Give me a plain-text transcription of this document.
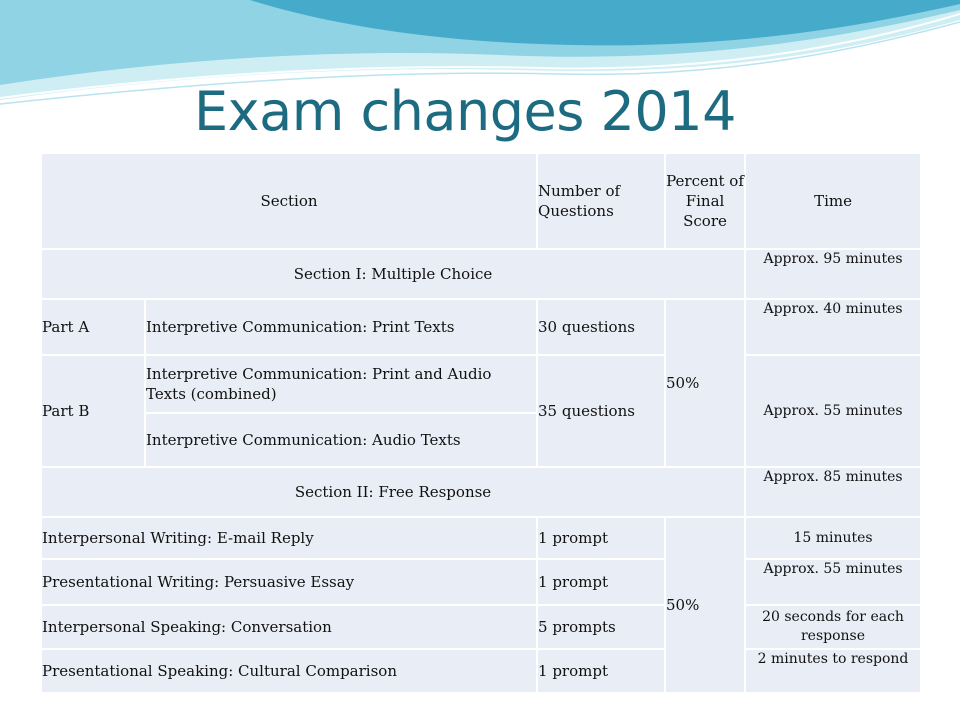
Exam changes 2014
Section		Number of Questions	Percent of Final Score	Time
Section I: Multiple Choice				Approx. 95 minutes
Part A	Interpretive Communication: Print Texts	30 questions	50%	Approx. 40 minutes
Part B	Interpretive Communication: Print and Audio Texts (combined)	35 questions		Approx. 55 minutes
	Interpretive Communication: Audio Texts			
Section II: Free Response				Approx. 85 minutes
Interpersonal Writing: E-mail Reply		1 prompt	50%	15 minutes
Presentational Writing: Persuasive Essay		1 prompt		Approx. 55 minutes
Interpersonal Speaking: Conversation		5 prompts		20 seconds for each response
Presentational Speaking: Cultural Comparison		1 prompt		2 minutes to respond
